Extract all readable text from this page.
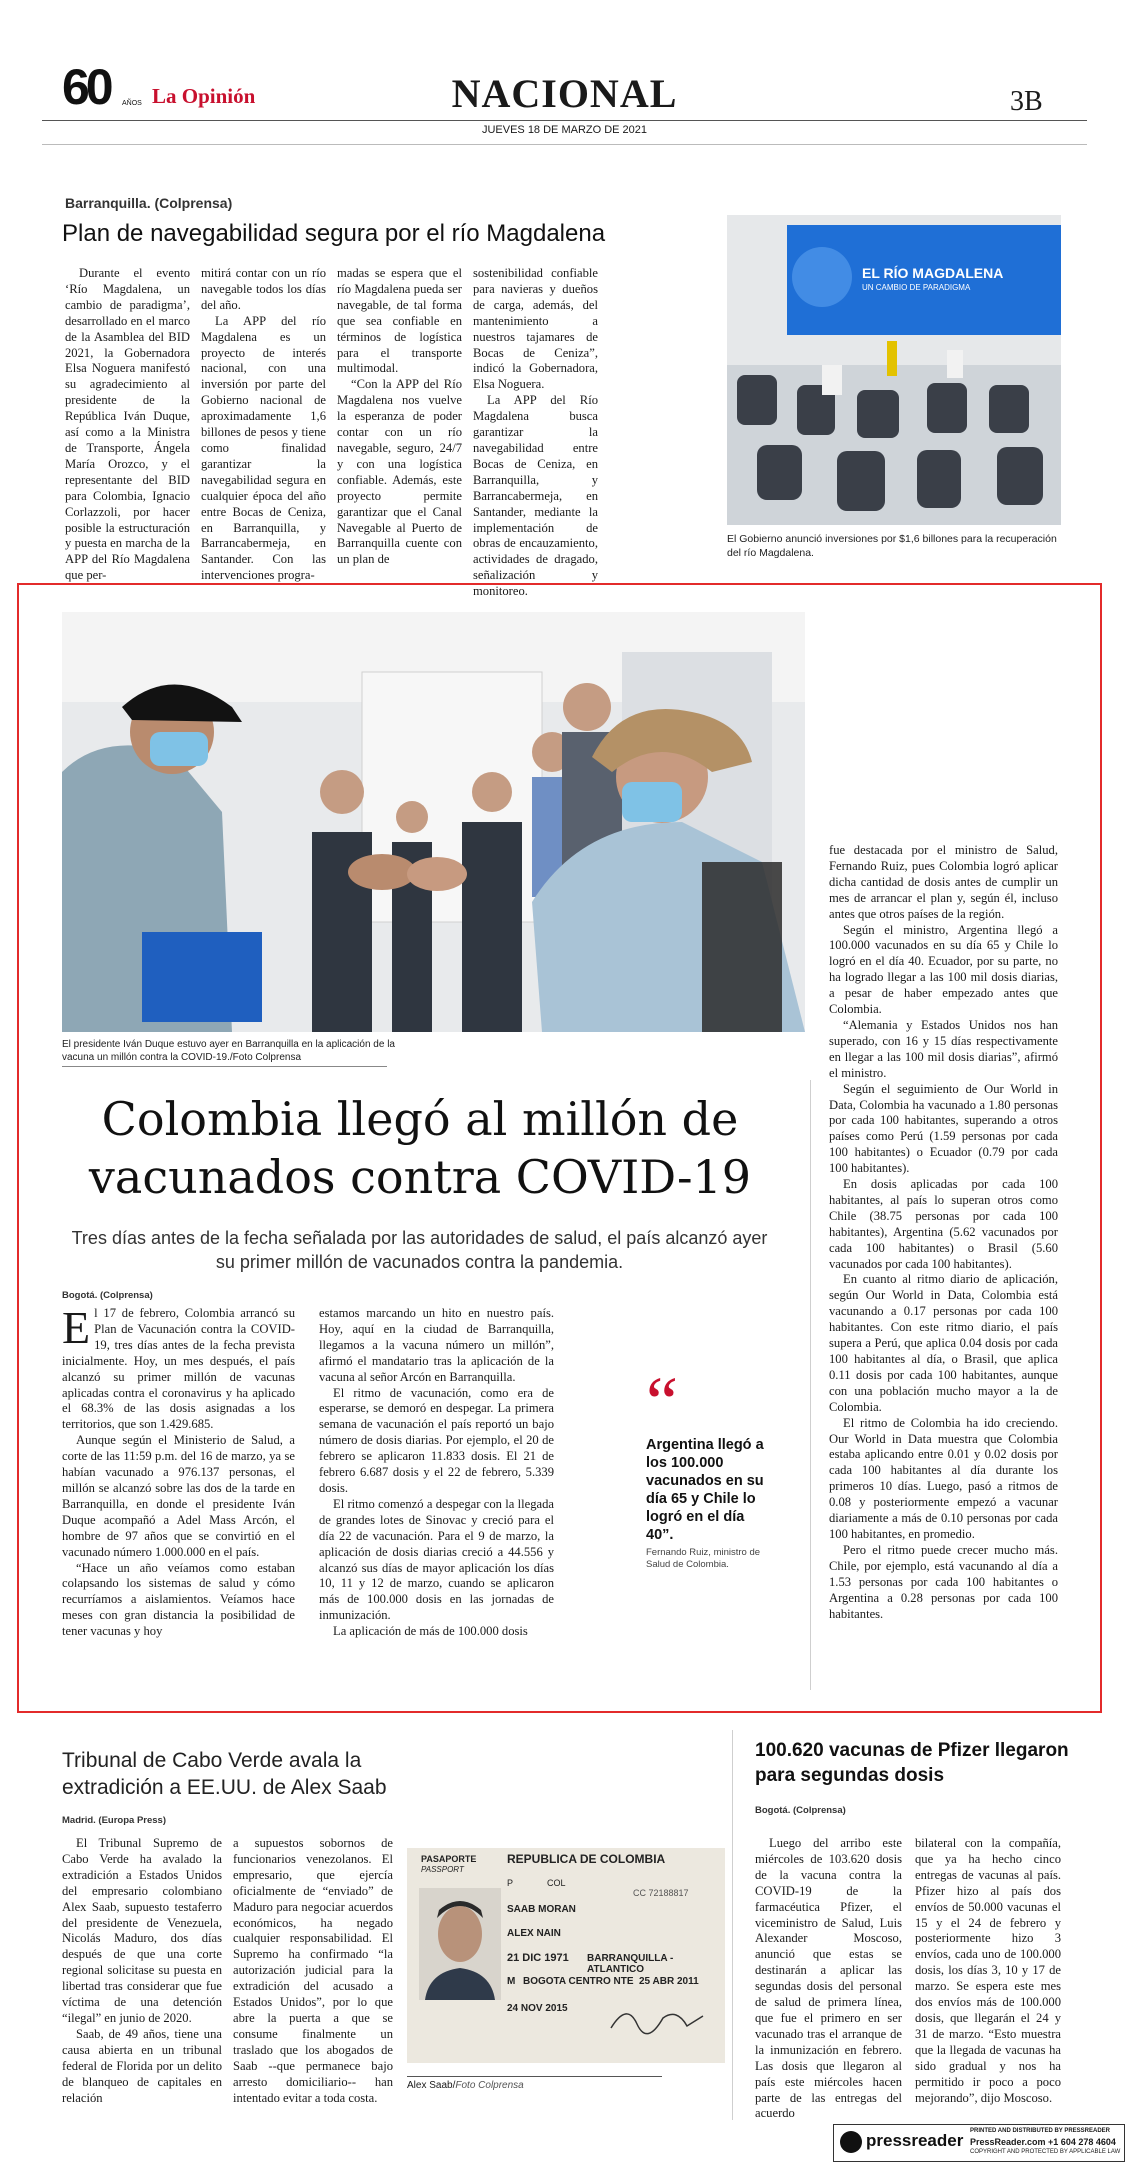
60 AÑOS La Opinión	NACIONAL
JUEVES 18 DE MARZO DE 2021
3B
Barranquilla. (Colprensa)
Plan de navegabilidad segura por el río Magdalena

Durante el evento ‘Río Magdalena, un cambio de paradigma’, desarrollado en el marco de la Asamblea del BID 2021, la Gobernadora Elsa Noguera manifestó su agradecimiento al presidente de la República Iván Duque, así como a la Ministra de Transporte, Ángela María Orozco, y el representante del BID para Colombia, Ignacio Corlazzoli, por hacer posible la estructuración y puesta en marcha de la APP del Río Magdalena que per-

mitirá contar con un río navegable todos los días del año.

La APP del río Magdalena es un proyecto de interés nacional, con una inversión por parte del Gobierno nacional de aproximadamente 1,6 billones de pesos y tiene como finalidad garantizar la navegabilidad segura en cualquier época del año entre Bocas de Ceniza, en Barranquilla, y Barrancabermeja, en Santander. Con las intervenciones progra-

madas se espera que el río Magdalena pueda ser navegable, de tal forma que sea confiable en términos de logística para el transporte multimodal.

“Con la APP del Río Magdalena nos vuelve la esperanza de poder contar con un río navegable, seguro, 24/7 y con una logística confiable. Además, este proyecto permite garantizar que el Canal Navegable al Puerto de Barranquilla cuente con un plan de

sostenibilidad confiable para navieras y dueños de carga, además, del mantenimiento a nuestros tajamares de Bocas de Ceniza”, indicó la Gobernadora, Elsa Noguera.

La APP del Río Magdalena busca garantizar la navegabilidad entre Bocas de Ceniza, en Barranquilla, y Barrancabermeja, en Santander, mediante la implementación de obras de encauzamiento, actividades de dragado, señalización y monitoreo.

EL RÍO MAGDALENA
UN CAMBIO DE PARADIGMA
El Gobierno anunció inversiones por $1,6 billones para la recuperación del río Magdalena.
El presidente Iván Duque estuvo ayer en Barranquilla en la aplicación de la vacuna un millón contra la COVID-19./Foto Colprensa
Colombia llegó al millón de
vacunados contra COVID-19
Tres días antes de la fecha señalada por las autoridades de salud, el país alcanzó ayer su primer millón de vacunados contra la pandemia.
Bogotá. (Colprensa)
E l 17 de febrero, Colombia arrancó su Plan de Vacunación contra la COVID-19, tres días antes de la fecha prevista inicialmente. Hoy, un mes después, el país alcanzó su primer millón de vacunas aplicadas contra el coronavirus y ha aplicado el 68.3% de las dosis asignadas a los territorios, que son 1.429.685.

Aunque según el Ministerio de Salud, a corte de las 11:59 p.m. del 16 de marzo, ya se habían vacunado a 976.137 personas, el millón se alcanzó sobre las dos de la tarde en Barranquilla, en donde el presidente Iván Duque acompañó a Adel Mass Arcón, el hombre de 97 años que se convirtió en el vacunado número 1.000.000 en el país.

“Hace un año veíamos como estaban colapsando los sistemas de salud y cómo recurríamos a aislamientos. Veíamos hace meses con gran distancia la posibilidad de tener vacunas y hoy

estamos marcando un hito en nuestro país. Hoy, aquí en la ciudad de Barranquilla, llegamos a la vacuna número un millón”, afirmó el mandatario tras la aplicación de la vacuna al señor Arcón en Barranquilla.

El ritmo de vacunación, como era de esperarse, se demoró en despegar. La primera semana de vacunación el país reportó un bajo número de dosis diarias. Por ejemplo, el 20 de febrero se aplicaron 11.833 dosis. El 21 de febrero 6.687 dosis y el 22 de febrero, 5.339 dosis.

El ritmo comenzó a despegar con la llegada de grandes lotes de Sinovac y creció para el día 22 de vacunación. Para el 9 de marzo, la aplicación de dosis diarias creció a 44.556 y alcanzó sus días de mayor aplicación los días 10, 11 y 12 de marzo, cuando se aplicaron más de 100.000 dosis en las jornadas de inmunización.

La aplicación de más de 100.000 dosis

“
Argentina llegó a los 100.000 vacunados en su día 65 y Chile lo logró en el día 40”.
Fernando Ruiz, ministro de Salud de Colombia.

fue destacada por el ministro de Salud, Fernando Ruiz, pues Colombia logró aplicar dicha cantidad de dosis antes de cumplir un mes de arrancar el plan y, según él, incluso antes que otros países de la región.

Según el ministro, Argentina llegó a 100.000 vacunados en su día 65 y Chile lo logró en el día 40. Ecuador, por su parte, no ha logrado llegar a las 100 mil dosis diarias, a pesar de haber empezado antes que Colombia.

“Alemania y Estados Unidos nos han superado, con 16 y 15 días respectivamente en llegar a las 100 mil dosis diarias”, afirmó el ministro.

Según el seguimiento de Our World in Data, Colombia ha vacunado a 1.80 personas por cada 100 habitantes, superando a otros países como Perú (1.59 personas por cada 100 habitantes) o Ecuador (0.79 por cada 100 habitantes).

En dosis aplicadas por cada 100 habitantes, al país lo superan otros como Chile (38.75 personas por cada 100 habitantes), Argentina (5.62 vacunados por cada 100 habitantes) o Brasil (5.60 vacunados por cada 100 habitantes).

En cuanto al ritmo diario de aplicación, según Our World in Data, Colombia está vacunando a 0.17 personas por cada 100 habitantes. Con este ritmo diario, el país supera a Perú, que aplica 0.04 dosis por cada 100 habitantes al día, o Brasil, que aplica 0.11 dosis por cada 100 habitantes, aunque con una población mucho mayor a la de Colombia.

El ritmo de Colombia ha ido creciendo. Our World in Data muestra que Colombia estaba aplicando entre 0.01 y 0.02 dosis por cada 100 habitantes al día durante los primeros 10 días. Luego, pasó a ritmos de 0.08 y posteriormente empezó a vacunar diariamente a más de 0.10 personas por cada 100 habitantes, en promedio.

Pero el ritmo puede crecer mucho más. Chile, por ejemplo, está vacunando al día a 1.53 personas por cada 100 habitantes o Argentina a 0.28 personas por cada 100 habitantes.

Tribunal de Cabo Verde avala la extradición a EE.UU. de Alex Saab
Madrid. (Europa Press)

El Tribunal Supremo de Cabo Verde ha avalado la extradición a Estados Unidos del empresario colombiano Alex Saab, supuesto testaferro del presidente de Venezuela, Nicolás Maduro, dos días después de que una corte regional solicitase su puesta en libertad tras considerar que fue víctima de una detención “ilegal” en junio de 2020.

Saab, de 49 años, tiene una causa abierta en un tribunal federal de Florida por un delito de blanqueo de capitales en relación

a supuestos sobornos de funcionarios venezolanos. El empresario, que ejercía oficialmente de “enviado” de Maduro para negociar acuerdos económicos, ha negado cualquier responsabilidad. El Supremo ha confirmado “la autorización judicial para la extradición del acusado a Estados Unidos”, por lo que abre la puerta a que se consume finalmente un traslado que los abogados de Saab --que permanece bajo arresto domiciliario-- han intentado evitar a toda costa.

PASAPORTE
PASSPORT
REPUBLICA DE COLOMBIA
P	COL
CC 72188817
SAAB MORAN
ALEX NAIN
21 DIC 1971 BARRANQUILLA - ATLANTICO
M BOGOTA CENTRO NTE 25 ABR 2011
24 NOV 2015
Alex Saab/Foto Colprensa
100.620 vacunas de Pfizer llegaron para segundas dosis
Bogotá. (Colprensa)

Luego del arribo este miércoles de 103.620 dosis de la vacuna contra la COVID-19 de la farmacéutica Pfizer, el viceministro de Salud, Luis Alexander Moscoso, anunció que estas se destinarán a aplicar las segundas dosis del personal de salud de primera línea, que fue el primero en ser vacunado tras el arranque de la inmunización en febrero. Las dosis que llegaron al país este miércoles hacen parte de las entregas del acuerdo

bilateral con la compañía, que ya ha hecho cinco entregas de vacunas al país. Pfizer hizo al país dos envíos de 50.000 vacunas el 15 y el 24 de febrero y posteriormente hizo 3 envíos, cada uno de 100.000 dosis, los días 3, 10 y 17 de marzo. Se espera este mes dos envíos más de 100.000 dosis, que llegarán el 24 y 31 de marzo. “Esto muestra que la llegada de vacunas ha sido gradual y nos ha permitido ir poco a poco mejorando”, dijo Moscoso.

pressreader PRINTED AND DISTRIBUTED BY PRESSREADER
PressReader.com +1 604 278 4604
COPYRIGHT AND PROTECTED BY APPLICABLE LAW
